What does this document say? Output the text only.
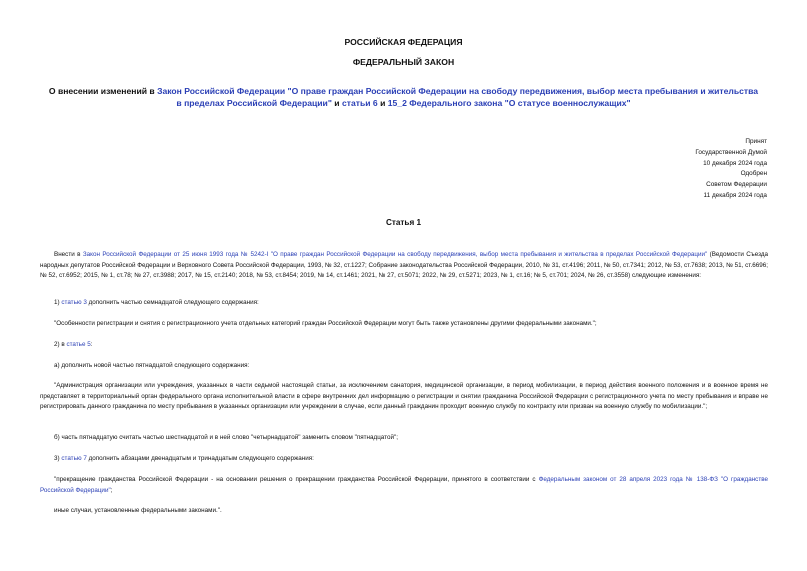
РОССИЙСКАЯ ФЕДЕРАЦИЯ
ФЕДЕРАЛЬНЫЙ ЗАКОН
О внесении изменений в Закон Российской Федерации "О праве граждан Российской Федерации на свободу передвижения, выбор места пребывания и жительства в пределах Российской Федерации" и статьи 6 и 15_2 Федерального закона "О статусе военнослужащих"
Принят
Государственной Думой
10 декабря 2024 года
Одобрен
Советом Федерации
11 декабря 2024 года
Статья 1

Внести в Закон Российской Федерации от 25 июня 1993 года № 5242-I "О праве граждан Российской Федерации на свободу передвижения, выбор места пребывания и жительства в пределах Российской Федерации" (Ведомости Съезда народных депутатов Российской Федерации и Верховного Совета Российской Федерации, 1993, № 32, ст.1227; Собрание законодательства Российской Федерации, 2010, № 31, ст.4196; 2011, № 50, ст.7341; 2012, № 53, ст.7638; 2013, № 51, ст.6696; № 52, ст.6952; 2015, № 1, ст.78; № 27, ст.3988; 2017, № 15, ст.2140; 2018, № 53, ст.8454; 2019, № 14, ст.1461; 2021, № 27, ст.5071; 2022, № 29, ст.5271; 2023, № 1, ст.16; № 5, ст.701; 2024, № 26, ст.3558) следующие изменения:

1) статью 3 дополнить частью семнадцатой следующего содержания:

"Особенности регистрации и снятия с регистрационного учета отдельных категорий граждан Российской Федерации могут быть также установлены другими федеральными законами.";

2) в статье 5:

а) дополнить новой частью пятнадцатой следующего содержания:

"Администрация организации или учреждения, указанных в части седьмой настоящей статьи, за исключением санатория, медицинской организации, в период мобилизации, в период действия военного положения и в военное время не представляет в территориальный орган федерального органа исполнительной власти в сфере внутренних дел информацию о регистрации и снятии гражданина Российской Федерации с регистрационного учета по месту пребывания и вправе не регистрировать данного гражданина по месту пребывания в указанных организации или учреждении в случае, если данный гражданин проходит военную службу по контракту или призван на военную службу по мобилизации.";

б) часть пятнадцатую считать частью шестнадцатой и в ней слово "четырнадцатой" заменить словом "пятнадцатой";

3) статью 7 дополнить абзацами двенадцатым и тринадцатым следующего содержания:

"прекращение гражданства Российской Федерации - на основании решения о прекращении гражданства Российской Федерации, принятого в соответствии с Федеральным законом от 28 апреля 2023 года № 138-ФЗ "О гражданстве Российской Федерации";

иные случаи, установленные федеральными законами.".
